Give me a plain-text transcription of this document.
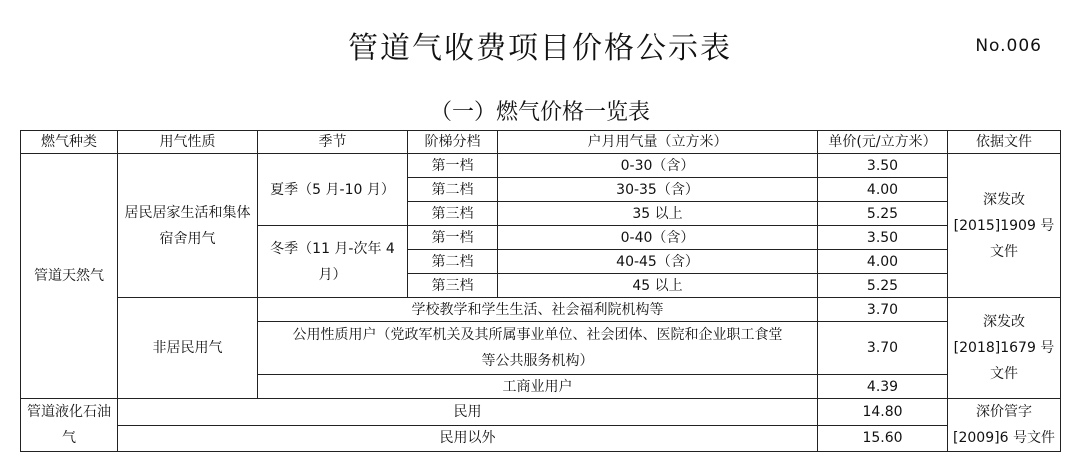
管道气收费项目价格公示表	No.006
（一）燃气价格一览表
燃气种类	用气性质	季节	阶梯分档	户月用气量（立方米）	单价(元/立方米）	依据文件
管道天然气	居民居家生活和集体宿舍用气	夏季（5 月-10 月）	第一档	0-30（含）	3.50	深发改 [2015]1909 号文件
			第二档	30-35（含）	4.00	
			第三档	35 以上	5.25	
		冬季（11 月-次年 4 月）	第一档	0-40（含）	3.50	
			第二档	40-45（含）	4.00	
			第三档	45 以上	5.25	
	非居民用气	学校教学和学生生活、社会福利院机构等			3.70	深发改 [2018]1679 号文件
		公用性质用户（党政军机关及其所属事业单位、社会团体、医院和企业职工食堂等公共服务机构）			3.70	
		工商业用户			4.39	
管道液化石油气	民用				14.80	深价管字 [2009]6 号文件
	民用以外				15.60	
